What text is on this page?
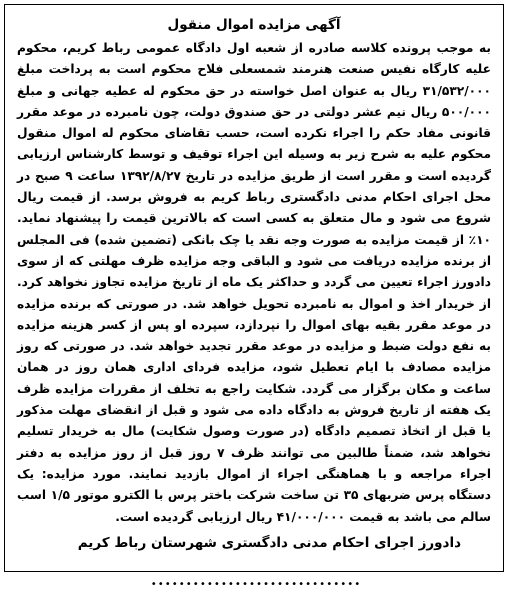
آگهی مزایده اموال منقول

به موجب پرونده کلاسه صادره از شعبه اول دادگاه عمومی رباط کریم، محکوم علیه کارگاه نفیس صنعت هنرمند شمسعلی فلاح محکوم است به پرداخت مبلغ ۳۱/۵۳۲/۰۰۰ ریال به عنوان اصل خواسته در حق محکوم له عطیه جهانی و مبلغ ۵۰۰/۰۰۰ ریال نیم عشر دولتی در حق صندوق دولت، چون نامبرده در موعد مقرر قانونی مفاد حکم را اجراء نکرده است، حسب تقاضای محکوم له اموال منقول محکوم علیه به شرح زیر به وسیله این اجراء توقیف و توسط کارشناس ارزیابی گردیده است و مقرر است از طریق مزایده در تاریخ ۱۳۹۲/۸/۲۷ ساعت ۹ صبح در محل اجرای احکام مدنی دادگستری رباط کریم به فروش برسد. از قیمت ریال شروع می شود و مال متعلق به کسی است که بالاترین قیمت را پیشنهاد نماید. ۱۰٪ از قیمت مزایده به صورت وجه نقد یا چک بانکی (تضمین شده) فی المجلس از برنده مزایده دریافت می شود و الباقی وجه مزایده ظرف مهلتی که از سوی دادورز اجراء تعیین می گردد و حداکثر یک ماه از تاریخ مزایده تجاوز نخواهد کرد. از خریدار اخذ و اموال به نامبرده تحویل خواهد شد. در صورتی که برنده مزایده در موعد مقرر بقیه بهای اموال را نپردازد، سپرده او پس از کسر هزینه مزایده به نفع دولت ضبط و مزایده در موعد مقرر تجدید خواهد شد. در صورتی که روز مزایده مصادف با ایام تعطیل شود، مزایده فردای اداری همان روز در همان ساعت و مکان برگزار می گردد. شکایت راجع به تخلف از مقررات مزایده ظرف یک هفته از تاریخ فروش به دادگاه داده می شود و قبل از انقضای مهلت مذکور یا قبل از اتخاذ تصمیم دادگاه (در صورت وصول شکایت) مال به خریدار تسلیم نخواهد شد، ضمناً طالبین می توانند ظرف ۷ روز قبل از روز مزایده به دفتر اجراء مراجعه و با هماهنگی اجراء از اموال بازدید نمایند. مورد مزایده: یک دستگاه پرس ضربهای ۳۵ تن ساخت شرکت باختر پرس با الکترو موتور ۱/۵ اسب سالم می باشد به قیمت ۴۱/۰۰۰/۰۰۰ ریال ارزیابی گردیده است.

دادورز اجرای احکام مدنی دادگستری شهرستان رباط کریم
••••••••••••••••••••••••••••••
